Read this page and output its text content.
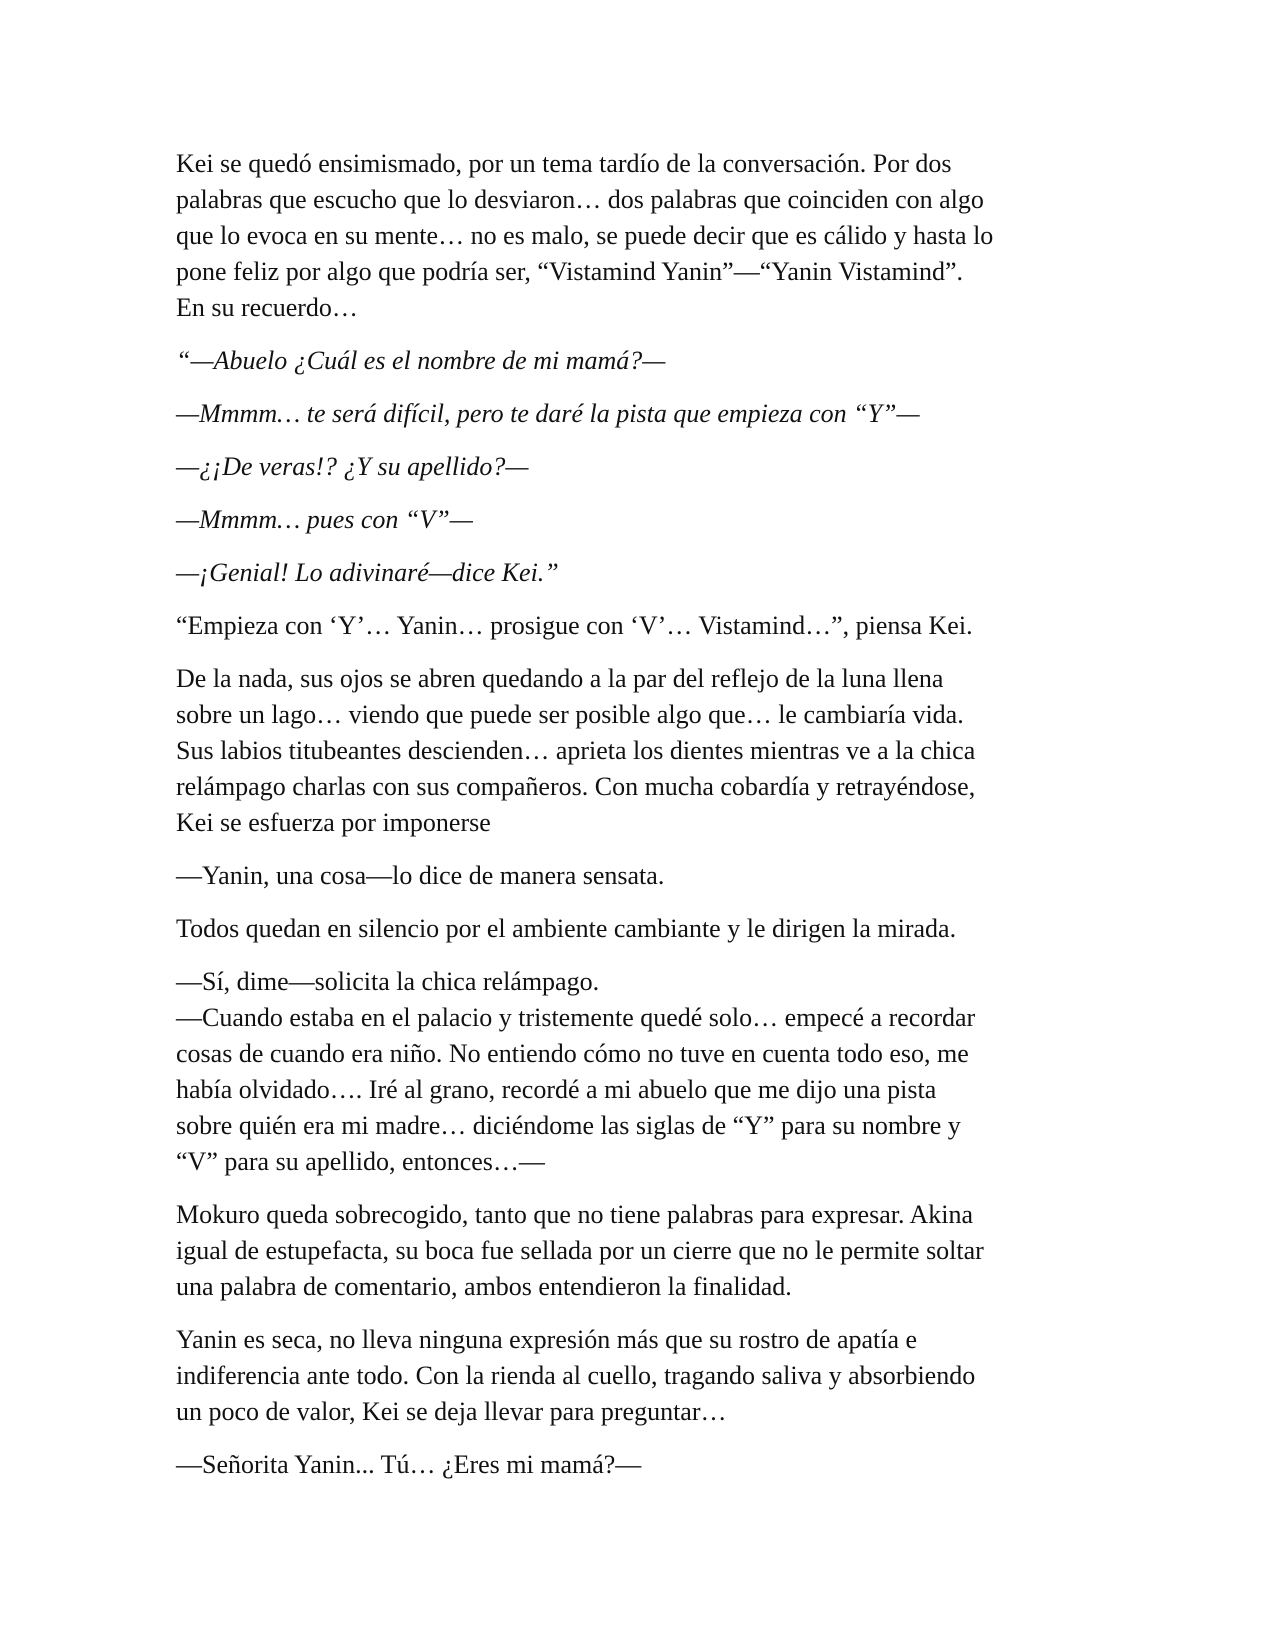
Kei se quedó ensimismado, por un tema tardío de la conversación. Por dos
palabras que escucho que lo desviaron… dos palabras que coinciden con algo
que lo evoca en su mente… no es malo, se puede decir que es cálido y hasta lo
pone feliz por algo que podría ser, “Vistamind Yanin”—“Yanin Vistamind”.
En su recuerdo…

“—Abuelo ¿Cuál es el nombre de mi mamá?—

—Mmmm… te será difícil, pero te daré la pista que empieza con “Y”—

—¿¡De veras!? ¿Y su apellido?—

—Mmmm… pues con “V”—

—¡Genial! Lo adivinaré—dice Kei.”

“Empieza con ‘Y’… Yanin… prosigue con ‘V’… Vistamind…”, piensa Kei.

De la nada, sus ojos se abren quedando a la par del reflejo de la luna llena
sobre un lago… viendo que puede ser posible algo que… le cambiaría vida.
Sus labios titubeantes descienden… aprieta los dientes mientras ve a la chica
relámpago charlas con sus compañeros. Con mucha cobardía y retrayéndose,
Kei se esfuerza por imponerse

—Yanin, una cosa—lo dice de manera sensata.

Todos quedan en silencio por el ambiente cambiante y le dirigen la mirada.

—Sí, dime—solicita la chica relámpago.

—Cuando estaba en el palacio y tristemente quedé solo… empecé a recordar
cosas de cuando era niño. No entiendo cómo no tuve en cuenta todo eso, me
había olvidado…. Iré al grano, recordé a mi abuelo que me dijo una pista
sobre quién era mi madre… diciéndome las siglas de “Y” para su nombre y
“V” para su apellido, entonces…—

Mokuro queda sobrecogido, tanto que no tiene palabras para expresar. Akina
igual de estupefacta, su boca fue sellada por un cierre que no le permite soltar
una palabra de comentario, ambos entendieron la finalidad.

Yanin es seca, no lleva ninguna expresión más que su rostro de apatía e
indiferencia ante todo. Con la rienda al cuello, tragando saliva y absorbiendo
un poco de valor, Kei se deja llevar para preguntar…

—Señorita Yanin... Tú… ¿Eres mi mamá?—
